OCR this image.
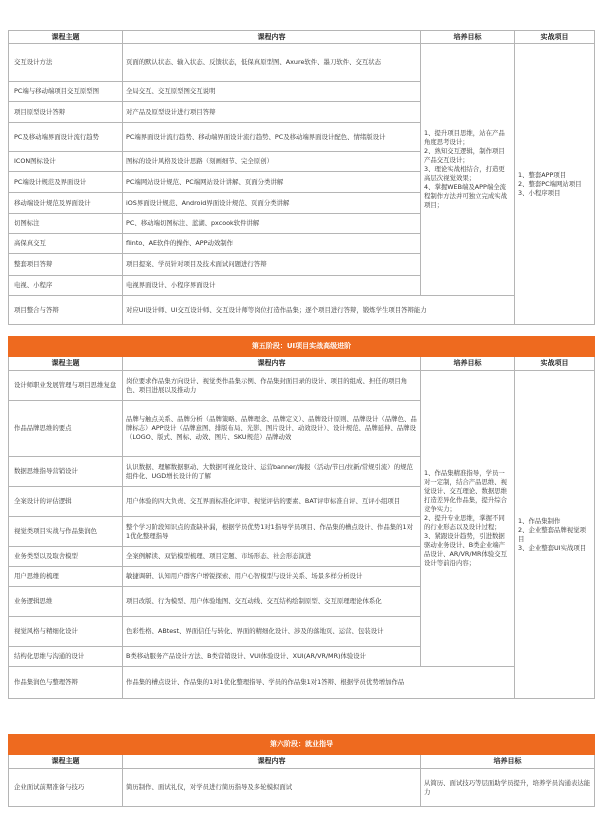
课程主题	课程内容	培养目标	实战项目
交互设计方法	页面的默认状态、输入状态、反馈状态，低保真原型图、Axure软件、墨刀软件、交互状态	1、提升项目思维，站在产品角度思考设计；
2、熟知交互逻辑，制作项目产品交互设计；
3、理论实战相结合，打造更高层次视觉效果；
4、掌握WEB端及APP端全流程制作方法并可独立完成实战项目；	1、整套APP项目
2、整套PC端网站项目
3、小程序项目
PC端与移动端项目交互原型图	全局交互、交互原型图交互说明		
项目原型设计答辩	对产品及原型设计进行项目答辩		
PC及移动端界面设计流行趋势	PC端界面设计流行趋势、移动端界面设计流行趋势、PC及移动端界面设计配色、情绪版设计		
ICON图标设计	图标的设计风格及设计思路（刻画细节、完全原创）		
PC端设计规范及界面设计	PC端网站设计规范、PC端网站设计讲解、页面分类讲解		
移动端设计规范及界面设计	iOS界面设计规范、Android界面设计规范、页面分类讲解		
切图标注	PC、移动端切图标注、蓝湖、pxcook软件讲解		
高保真交互	flinto、AE软件的操作、APP动效制作		
整套项目答辩	项目提案、学员针对项目及技术面试问题进行答辩		
电视、小程序	电视界面设计、小程序界面设计		
项目整合与答辩	对应UI设计师、UI交互设计师、交互设计师等岗位打造作品集；逐个项目进行答辩，锻炼学生项目答辩能力		
第五阶段：UI项目实战高级进阶			
课程主题	课程内容	培养目标	实战项目
设计师职业发展管理与项目思维复盘	岗位要求作品集方向设计、视觉类作品集示例、作品集封面目录的设计、项目的组成、担任的项目角色、项目进展以及推动力	1、作品集精准指导，学员一对一定制，结合产品思维、视觉设计、交互理论、数据思维打造差异化作品集，提升综合竞争实力；
2、提升专业思维，掌握不同的行业形态以及设计过程；
3、紧跟设计趋势，引进数据驱动业务设计、B类企业端产品设计、AR/VR/MR体验交互设计等前沿内容；	1、作品集制作
2、企业整套品牌视觉项目
3、企业整套UI实战项目
作品品牌思维的要点	品牌与触点关系、品牌分析（品牌策略、品牌理念、品牌定义）、品牌设计原则、品牌设计（品牌色、品牌标志）APP设计（品牌意图、排版布局、光影、图片设计、动效设计）、设计规范、品牌延伸、品牌设（LOGO、版式、图标、动效、图片、SKU规范）品牌动效		
数据思维指导营销设计	认识数据、理解数据驱动、大数据可视化设计、运营banner/海报（活动/节日/拉新/常规引流）的规范组件化、UGD增长设计的了解		
全案设计的评估逻辑	用户体验的四大负责、交互界面标准化评审、视觉评估的要素、BAT评审标准自评、互评小组项目		
视觉类项目实战与作品集润色	整个学习阶段知识点的查缺补漏，根据学员优势1对1指导学员项目、作品集的槽点设计、作品集的1对1优化整理指导		
业务类型以及取舍模型	全案例解读、双钻模型梳理、项目定题、市场形态、社会形态演进		
用户思维的梳理	敏捷调研、认知用户群客户增锐探索、用户心智模型与设计关系、场景多样分析设计		
业务逻辑思维	项目改版、行为模型、用户体验地图、交互动线、交互结构绘制原型、交互原理理论体系化		
视觉风格与精细化设计	色彩性格、ABtest、界面信任与转化、界面的精细化设计、涉及的落地页、运营、包装设计		
结构化思维与沟通的设计	B类移动服务产品设计方法、B类营销设计、VUI体验设计、XUI(AR/VR/MR)体验设计		
作品集润色与整理答辩	作品集的槽点设计、作品集的1对1优化整理指导、学员的作品集1对1答辩、根据学员优势增加作品		
第六阶段：就业指导		
课程主题	课程内容	培养目标
企业面试前期准备与技巧	简历制作、面试礼仪，对学员进行简历指导及多轮模拟面试	从简历、面试技巧等层面助学员提升，培养学员沟通表达能力
